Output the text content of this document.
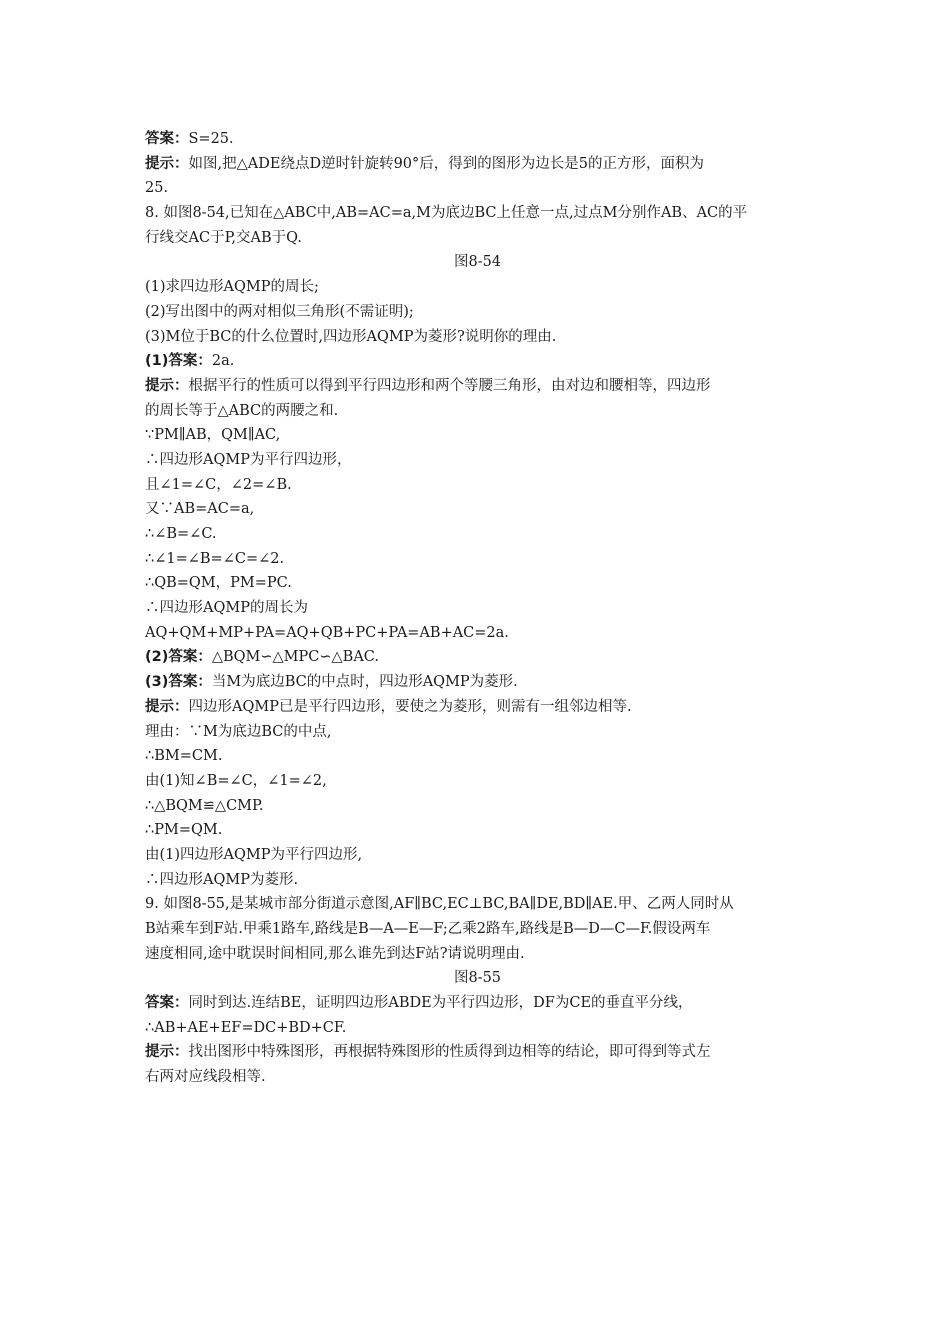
答案：S=25.
提示：如图,把△ADE绕点D逆时针旋转90°后，得到的图形为边长是5的正方形，面积为
25.
8. 如图8-54,已知在△ABC中,AB=AC=a,M为底边BC上任意一点,过点M分别作AB、AC的平
行线交AC于P,交AB于Q.
图8-54
(1)求四边形AQMP的周长;
(2)写出图中的两对相似三角形(不需证明);
(3)M位于BC的什么位置时,四边形AQMP为菱形?说明你的理由.
(1)答案：2a.
提示：根据平行的性质可以得到平行四边形和两个等腰三角形，由对边和腰相等，四边形
的周长等于△ABC的两腰之和.
∵PM∥AB，QM∥AC,
∴四边形AQMP为平行四边形，
且∠1=∠C，∠2=∠B.
又∵AB=AC=a,
∴∠B=∠C.
∴∠1=∠B=∠C=∠2.
∴QB=QM，PM=PC.
∴四边形AQMP的周长为
AQ+QM+MP+PA=AQ+QB+PC+PA=AB+AC=2a.
(2)答案：△BQM∽△MPC∽△BAC.
(3)答案：当M为底边BC的中点时，四边形AQMP为菱形.
提示：四边形AQMP已是平行四边形，要使之为菱形，则需有一组邻边相等.
理由：∵M为底边BC的中点,
∴BM=CM.
由(1)知∠B=∠C，∠1=∠2,
∴△BQM≌△CMP.
∴PM=QM.
由(1)四边形AQMP为平行四边形,
∴四边形AQMP为菱形.
9. 如图8-55,是某城市部分街道示意图,AF∥BC,EC⊥BC,BA∥DE,BD∥AE.甲、乙两人同时从
B站乘车到F站.甲乘1路车,路线是B—A—E—F;乙乘2路车,路线是B—D—C—F.假设两车
速度相同,途中耽误时间相同,那么谁先到达F站?请说明理由.
图8-55
答案：同时到达.连结BE，证明四边形ABDE为平行四边形，DF为CE的垂直平分线，
∴AB+AE+EF=DC+BD+CF.
提示：找出图形中特殊图形，再根据特殊图形的性质得到边相等的结论，即可得到等式左
右两对应线段相等.
